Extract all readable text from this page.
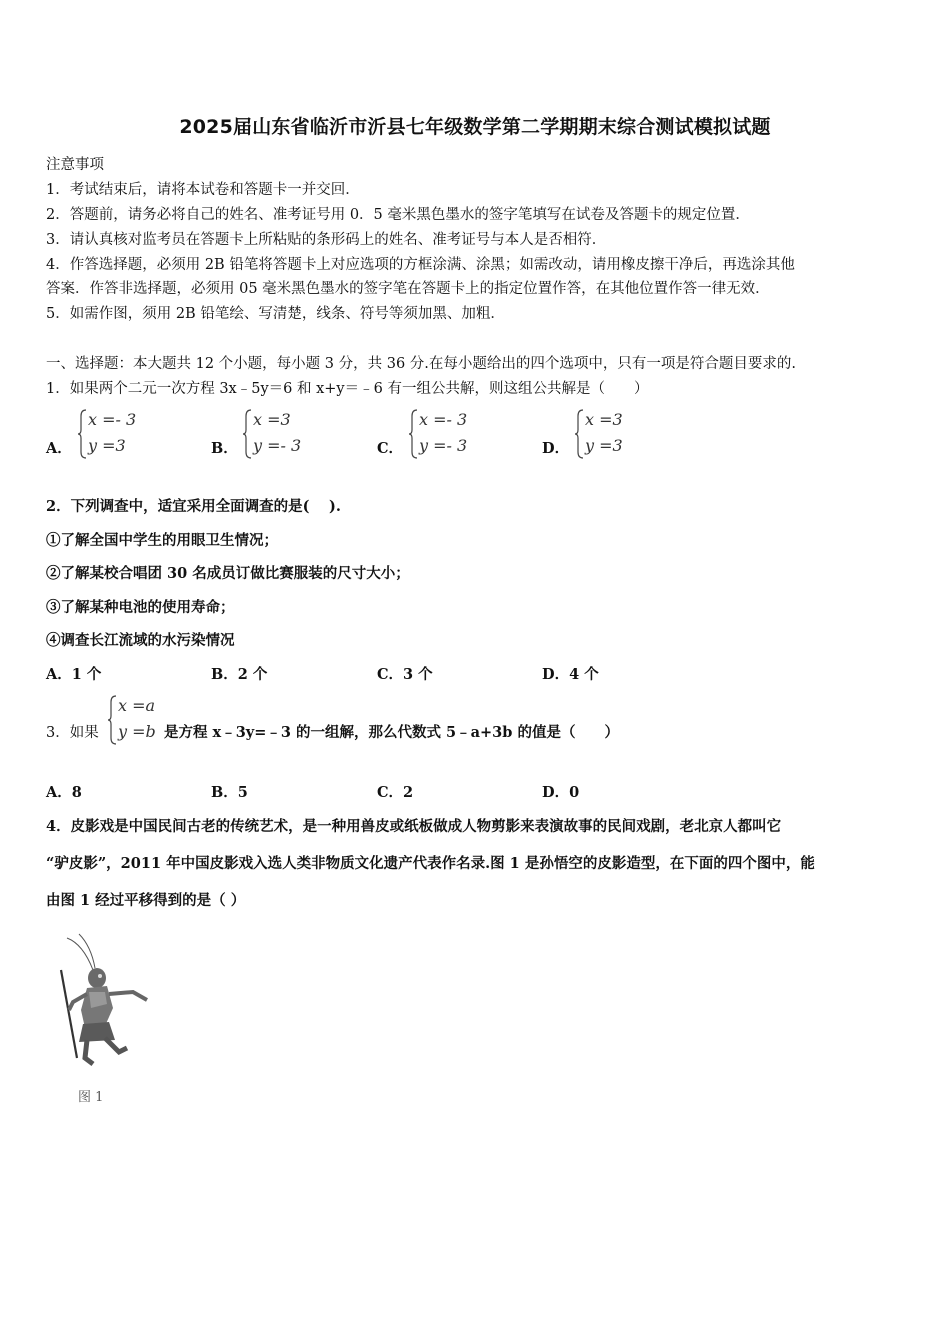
2025届山东省临沂市沂县七年级数学第二学期期末综合测试模拟试题
注意事项
1．考试结束后，请将本试卷和答题卡一并交回．
2．答题前，请务必将自己的姓名、准考证号用 0．5 毫米黑色墨水的签字笔填写在试卷及答题卡的规定位置．
3．请认真核对监考员在答题卡上所粘贴的条形码上的姓名、准考证号与本人是否相符．
4．作答选择题，必须用 2B 铅笔将答题卡上对应选项的方框涂满、涂黑；如需改动，请用橡皮擦干净后，再选涂其他
答案．作答非选择题，必须用 05 毫米黑色墨水的签字笔在答题卡上的指定位置作答，在其他位置作答一律无效．
5．如需作图，须用 2B 铅笔绘、写清楚，线条、符号等须加黑、加粗．
一、选择题：本大题共 12 个小题，每小题 3 分，共 36 分.在每小题给出的四个选项中，只有一项是符合题目要求的.
1．如果两个二元一次方程 3x﹣5y＝6 和 x+y＝﹣6 有一组公共解，则这组公共解是（　　）
A．
x =- 3
y =3	B．
x =3
y =- 3	C．
x =- 3
y =- 3	D．
x =3
y =3
2．下列调查中，适宜采用全面调查的是(　 ).
①了解全国中学生的用眼卫生情况；
②了解某校合唱团 30 名成员订做比赛服装的尺寸大小；
③了解某种电池的使用寿命；
④调查长江流域的水污染情况
A．1 个	B．2 个	C．3 个	D．4 个
3．如果
x =a
y =b 是方程 x﹣3y=﹣3 的一组解，那么代数式 5﹣a+3b 的值是（　　）
A．8	B．5	C．2	D．0
4．皮影戏是中国民间古老的传统艺术，是一种用兽皮或纸板做成人物剪影来表演故事的民间戏剧，老北京人都叫它
“驴皮影”，2011 年中国皮影戏入选人类非物质文化遗产代表作名录.图 1 是孙悟空的皮影造型，在下面的四个图中，能
由图 1 经过平移得到的是（ ）
图 1
